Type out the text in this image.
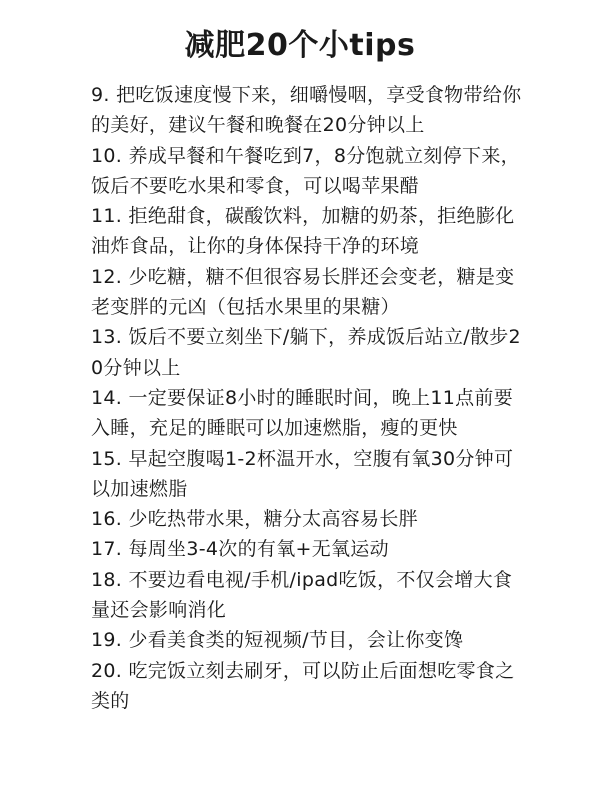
减肥20个小tips
9. 把吃饭速度慢下来，细嚼慢咽，享受食物带给你的美好，建议午餐和晚餐在20分钟以上
10. 养成早餐和午餐吃到7，8分饱就立刻停下来，饭后不要吃水果和零食，可以喝苹果醋
11. 拒绝甜食，碳酸饮料，加糖的奶茶，拒绝膨化油炸食品，让你的身体保持干净的环境
12. 少吃糖，糖不但很容易长胖还会变老，糖是变老变胖的元凶（包括水果里的果糖）
13. 饭后不要立刻坐下/躺下，养成饭后站立/散步20分钟以上
14. 一定要保证8小时的睡眠时间，晚上11点前要入睡，充足的睡眠可以加速燃脂，瘦的更快
15. 早起空腹喝1-2杯温开水，空腹有氧30分钟可以加速燃脂
16. 少吃热带水果，糖分太高容易长胖
17. 每周坐3-4次的有氧+无氧运动
18. 不要边看电视/手机/ipad吃饭，不仅会增大食量还会影响消化
19. 少看美食类的短视频/节目，会让你变馋
20. 吃完饭立刻去刷牙，可以防止后面想吃零食之类的
